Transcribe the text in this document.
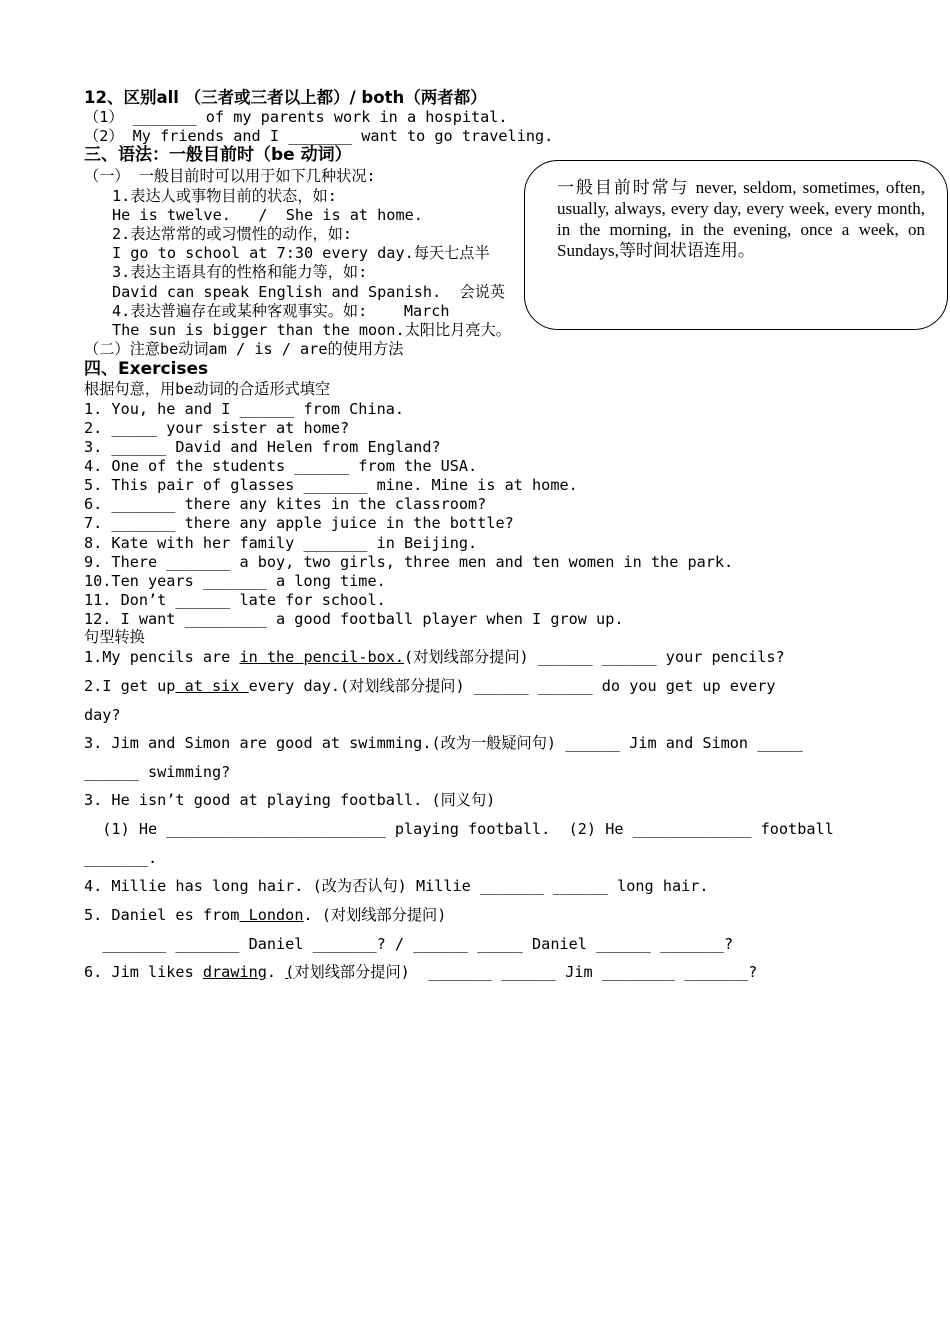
12、区别all （三者或三者以上都）/ both（两者都）
（1） _______ of my parents work in a hospital.
（2） My friends and I _______ want to go traveling.
三、语法：一般目前时（be 动词）
（一） 一般目前时可以用于如下几种状况:
1.表达人或事物目前的状态，如:
He is twelve.   /  She is at home.
2.表达常常的或习惯性的动作，如:
I go to school at 7:30 every day.每天七点半
3.表达主语具有的性格和能力等，如:
David can speak English and Spanish.  会说英
4.表达普遍存在或某种客观事实。如:    March
The sun is bigger than the moon.太阳比月亮大。
（二）注意be动词am / is / are的使用方法
一般目前时常与 never, seldom, sometimes, often, usually, always, every day, every week, every month, in the morning, in the evening, once a week, on Sundays,等时间状语连用。
四、Exercises
根据句意，用be动词的合适形式填空
1. You, he and I ______ from China.
2. _____ your sister at home?
3. ______ David and Helen from England?
4. One of the students ______ from the USA.
5. This pair of glasses _______ mine. Mine is at home.
6. _______ there any kites in the classroom?
7. _______ there any apple juice in the bottle?
8. Kate with her family _______ in Beijing.
9. There _______ a boy, two girls, three men and ten women in the park.
10.Ten years _______ a long time.
11. Don’t ______ late for school.
12. I want _________ a good football player when I grow up.
句型转换
1.My pencils are in the pencil-box.(对划线部分提问) ______ ______ your pencils?
2.I get up at six every day.(对划线部分提问) ______ ______ do you get up every
day?
3. Jim and Simon are good at swimming.(改为一般疑问句) ______ Jim and Simon _____
______ swimming?
3. He isn’t good at playing football. (同义句)
(1) He ________________________ playing football.  (2) He _____________ football
_______.
4. Millie has long hair. (改为否认句) Millie _______ ______ long hair.
5. Daniel es from London. (对划线部分提问)
_______ _______ Daniel _______? / ______ _____ Daniel ______ _______?
6. Jim likes drawing. (对划线部分提问)  _______ ______ Jim ________ _______?
